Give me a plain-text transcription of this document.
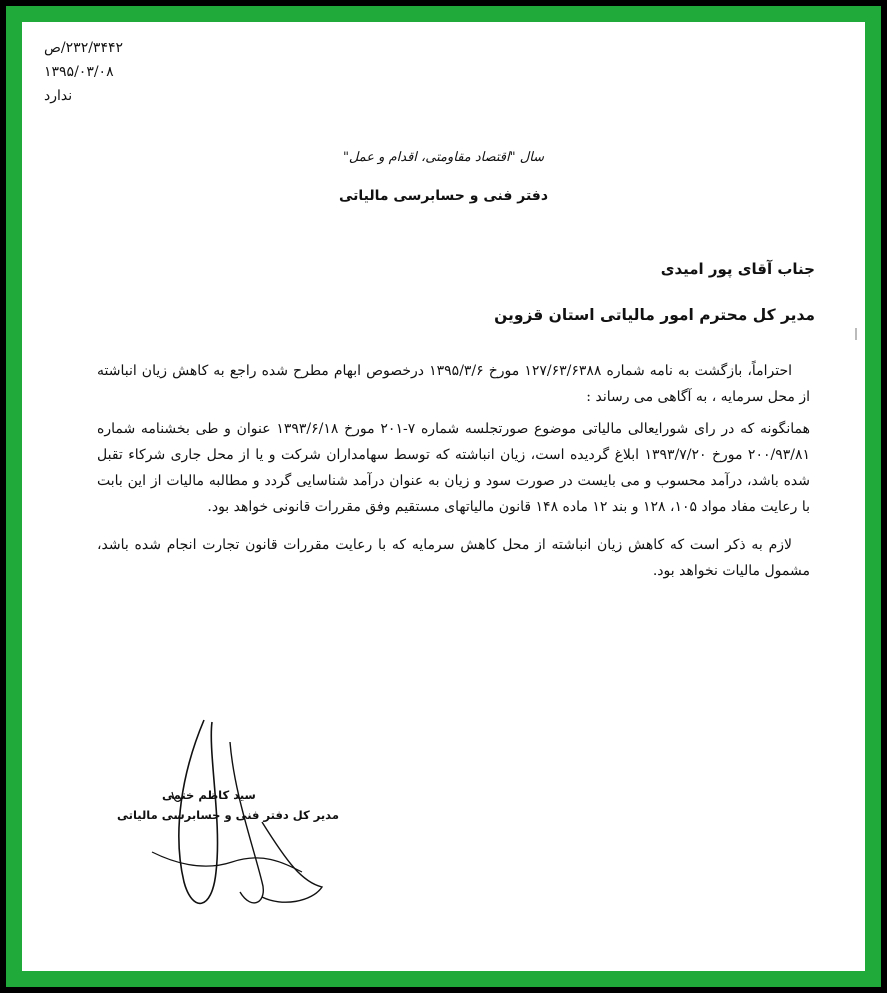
۲۳۲/۳۴۴۲/ص
۱۳۹۵/۰۳/۰۸
ندارد
سال "اقتصاد مقاومتی، اقدام و عمل"
دفتر فنی و حسابرسی مالیاتی
جناب آقای پور امیدی
مدیر کل محترم امور مالیاتی استان قزوین

احتراماً، بازگشت به نامه شماره ۱۲۷/۶۳/۶۳۸۸ مورخ ۱۳۹۵/۳/۶ درخصوص ابهام مطرح شده راجع به کاهش زیان انباشته از محل سرمایه ، به آگاهی می رساند :

همانگونه که در رای شورایعالی مالیاتی موضوع صورتجلسه شماره ۷-۲۰۱ مورخ ۱۳۹۳/۶/۱۸ عنوان و طی بخشنامه شماره ۲۰۰/۹۳/۸۱ مورخ ۱۳۹۳/۷/۲۰ ابلاغ گردیده است، زیان انباشته که توسط سهامداران شرکت و یا از محل جاری شرکاء تقبل شده باشد، درآمد محسوب و می بایست در صورت سود و زیان به عنوان درآمد شناسایی گردد و مطالبه مالیات از این بابت با رعایت مفاد مواد ۱۰۵، ۱۲۸ و بند ۱۲ ماده ۱۴۸ قانون مالیاتهای مستقیم وفق مقررات قانونی خواهد بود.

لازم به ذکر است که کاهش زیان انباشته از محل کاهش سرمایه که با رعایت مقررات قانون تجارت انجام شده باشد، مشمول مالیات نخواهد بود.

سید کاظم ختمی
مدیر کل دفتر فنی و حسابرسی مالیاتی
